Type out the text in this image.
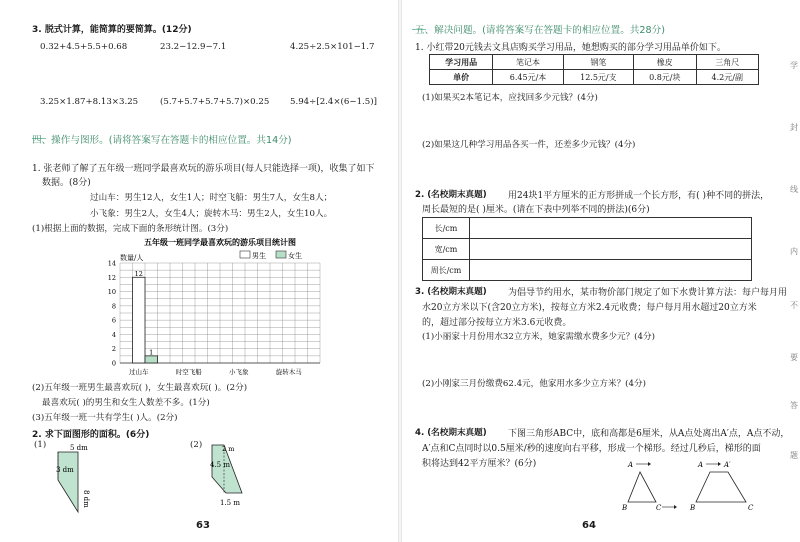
3. 脱式计算，能简算的要简算。(12分)
0.32+4.5+5.5+0.68	23.2−12.9−7.1	4.25÷2.5×101−1.7
3.25×1.87+8.13×3.25	(5.7+5.7+5.7+5.7)×0.25 5.94÷[2.4×(6−1.5)]
四、操作与图形。(请将答案写在答题卡的相应位置。共14分)
1. 张老师了解了五年级一班同学最喜欢玩的游乐项目(每人只能选择一项)，收集了如下
数据。(8分)
过山车：男生12人，女生1人；时空飞船：男生7人，女生8人；
小飞象：男生2人，女生4人；旋转木马：男生2人，女生10人。
(1)根据上面的数据，完成下面的条形统计图。(3分)
五年级一班同学最喜欢玩的游乐项目统计图
数量/人	男生	女生
0
2
4
6
8
10
12
14
12
1
过山车	时空飞船	小飞象	旋转木马
(2)五年级一班男生最喜欢玩( )，女生最喜欢玩( )。(2分)
最喜欢玩( )的男生和女生人数差不多。(1分)
(3)五年级一班一共有学生( )人。(2分)
2. 求下面图形的面积。(6分)
(1)	(2)
5 dm
3 dm
8 dm
2 m
4.5 m
1.5 m
63
五、解决问题。(请将答案写在答题卡的相应位置。共28分)
1. 小红带20元钱去文具店购买学习用品，她想购买的部分学习用品单价如下。
学习用品	笔记本	钢笔	橡皮	三角尺
单价	6.45元/本	12.5元/支	0.8元/块	4.2元/副
(1)如果买2本笔记本，应找回多少元钱？(4分)
(2)如果这几种学习用品各买一件，还差多少元钱？(4分)
2. (名校期末真题) 用24块1平方厘米的正方形拼成一个长方形，有( )种不同的拼法，
周长最短的是( )厘米。(请在下表中列举不同的拼法)(6分)
长/cm	
宽/cm	
周长/cm	
3. (名校期末真题) 为倡导节约用水，某市物价部门规定了如下水费计算方法：每户每月用
水20立方米以下(含20立方米)，按每立方米2.4元收费；每户每月用水超过20立方米
的，超过部分按每立方米3.6元收费。
(1)小丽家十月份用水32立方米，她家需缴水费多少元？(4分)
(2)小刚家三月份缴费62.4元，他家用水多少立方米？(4分)
4. (名校期末真题) 下图三角形ABC中，底和高都是6厘米，从A点处离出A′点，A点不动，
A′点和C点同时以0.5厘米/秒的速度向右平移，形成一个梯形。经过几秒后，梯形的面
积将达到42平方厘米？(6分)	A
B	C
A	A′
B	C
64
学
封
线
内
不
要
答
题
